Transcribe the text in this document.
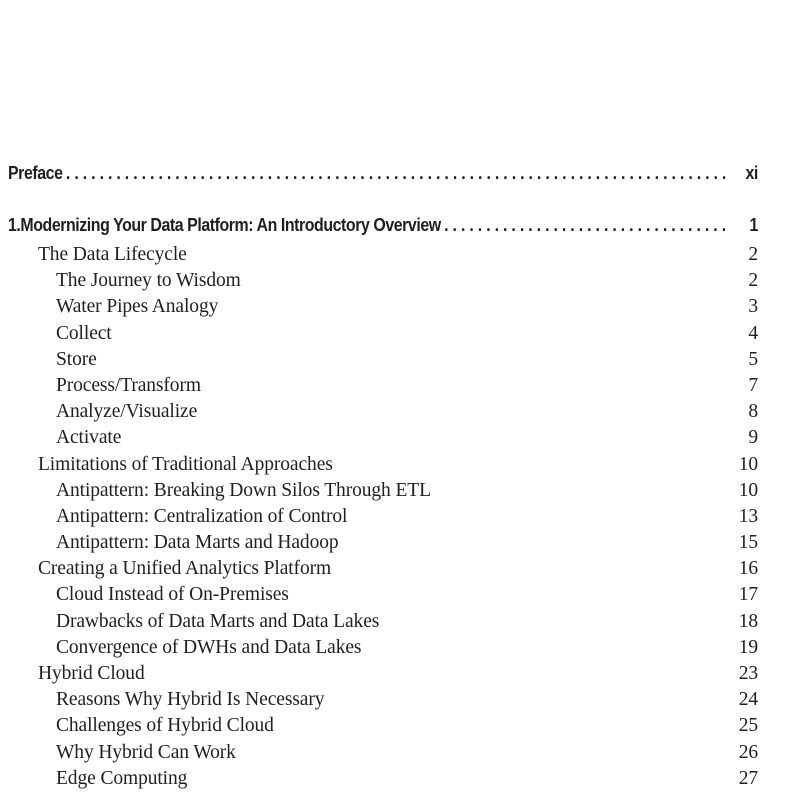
Preface . . .	xi
1. Modernizing Your Data Platform: An Introductory Overview . . .	1
The Data Lifecycle	2
The Journey to Wisdom	2
Water Pipes Analogy	3
Collect	4
Store	5
Process/Transform	7
Analyze/Visualize	8
Activate	9
Limitations of Traditional Approaches	10
Antipattern: Breaking Down Silos Through ETL	10
Antipattern: Centralization of Control	13
Antipattern: Data Marts and Hadoop	15
Creating a Unified Analytics Platform	16
Cloud Instead of On-Premises	17
Drawbacks of Data Marts and Data Lakes	18
Convergence of DWHs and Data Lakes	19
Hybrid Cloud	23
Reasons Why Hybrid Is Necessary	24
Challenges of Hybrid Cloud	25
Why Hybrid Can Work	26
Edge Computing	27
